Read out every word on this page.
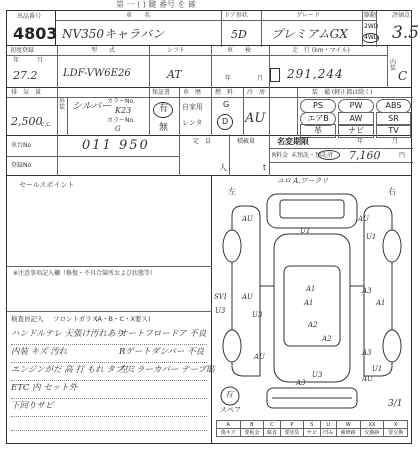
第 一 ( ) 鍵 番号 を 確
出品番号
4803
車　　名
NV350キャラバン
ドア形状
5D
グレード
プレミアムGX
駆動
2WD
4WD
評価点
3.5
初度登録
年	月
27.2
型　　式
LDF-VW6E26
シフト
AT
車　　検
年	月
走　行 (km・マイル)
291,244
内装
C
排　気　量
2,500
c.c.
外装 シルバー
カラーNo.
K23
カラーNo.
G
保証書
有
無
車　歴
自家用
レンタ
燃　料
G
D
冷　房
AU
装　備 (軽正都は除く)
PS	PW	ABS
エアB	AW	SR
革	ナビ	TV
車台No	011 950
登録No
定　員
人
積載量
t
名変期限	年	月
R料金 未預託・預託済 7,160	円
セールスポイント
※注意事項記入欄（修復・不具合箇所および状態等）
検査員記入 フロントガラス
(A・B・C・X要ス)
ハンドルテレ 天張け汚れあり
オートフロードア 不良
内装 キズ 汚れ	Rゲートダンパー 不良
エンジンがだ 高 打 もれ タプリ
左ミラーカバー テープ貼
ETC 内 セット外
下回りサビ
左	右
ユロ A.ワークリ
AU
U1
AU
U1
AU
A1
A1
U3
SVI
U3
A3
A1
A2
A2
AU	A3
U3
A3
U1
AU
有
スペア
3/1
A	B	C	P	S	U	W	XX	X
傷キズ	要板金	腐食	要塗装	サビ	凹み	補修跡	交換跡	要交換
